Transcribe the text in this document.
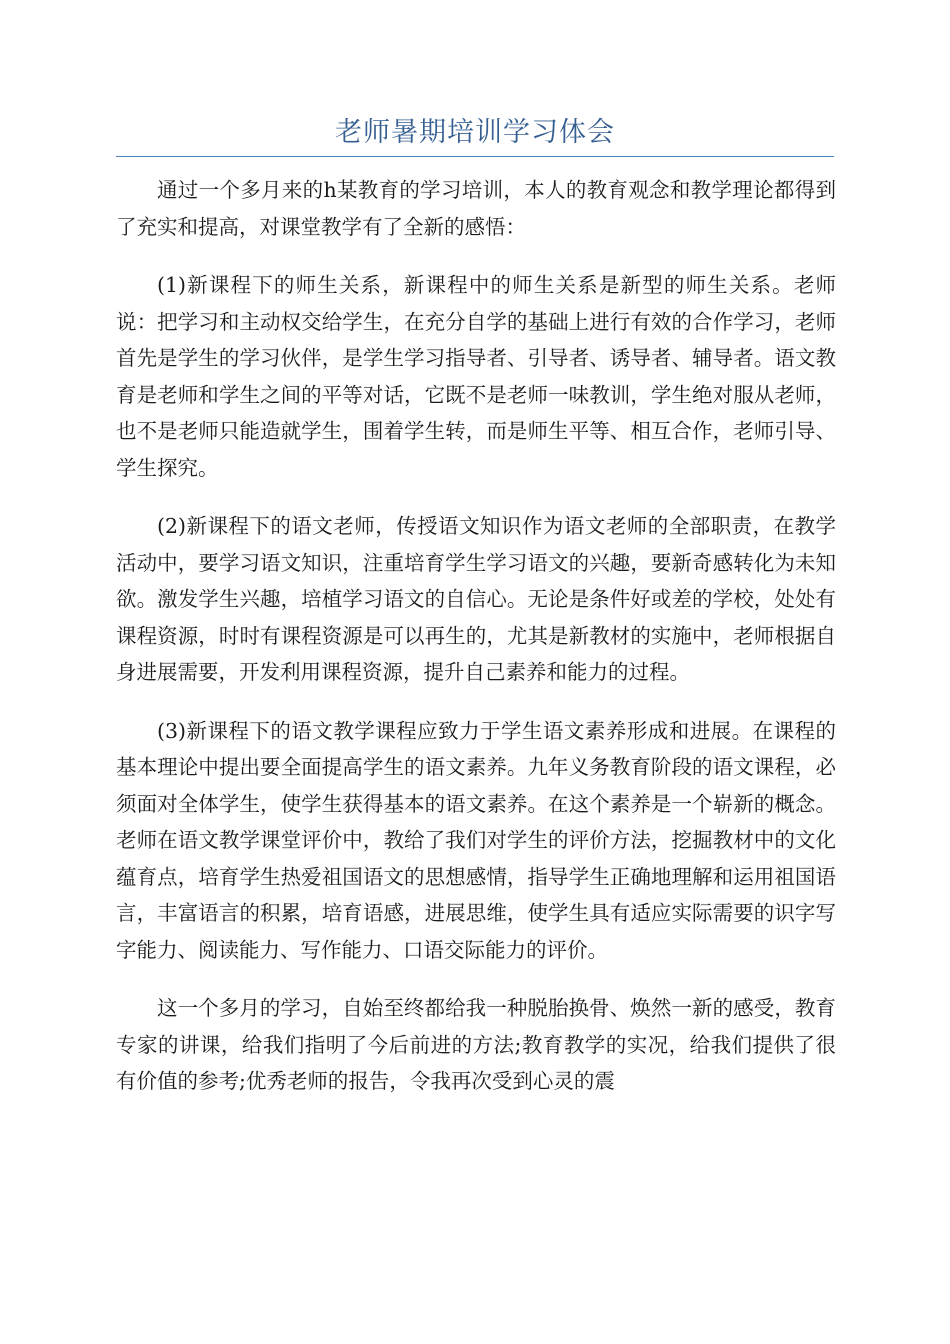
老师暑期培训学习体会

通过一个多月来的h某教育的学习培训，本人的教育观念和教学理论都得到了充实和提高，对课堂教学有了全新的感悟：

(1)新课程下的师生关系，新课程中的师生关系是新型的师生关系。老师说：把学习和主动权交给学生，在充分自学的基础上进行有效的合作学习，老师首先是学生的学习伙伴，是学生学习指导者、引导者、诱导者、辅导者。语文教育是老师和学生之间的平等对话，它既不是老师一味教训，学生绝对服从老师，也不是老师只能造就学生，围着学生转，而是师生平等、相互合作，老师引导、学生探究。

(2)新课程下的语文老师，传授语文知识作为语文老师的全部职责，在教学活动中，要学习语文知识，注重培育学生学习语文的兴趣，要新奇感转化为未知欲。激发学生兴趣，培植学习语文的自信心。无论是条件好或差的学校，处处有课程资源，时时有课程资源是可以再生的，尤其是新教材的实施中，老师根据自身进展需要，开发利用课程资源，提升自己素养和能力的过程。

(3)新课程下的语文教学课程应致力于学生语文素养形成和进展。在课程的基本理论中提出要全面提高学生的语文素养。九年义务教育阶段的语文课程，必须面对全体学生，使学生获得基本的语文素养。在这个素养是一个崭新的概念。老师在语文教学课堂评价中，教给了我们对学生的评价方法，挖掘教材中的文化蕴育点，培育学生热爱祖国语文的思想感情，指导学生正确地理解和运用祖国语言，丰富语言的积累，培育语感，进展思维，使学生具有适应实际需要的识字写字能力、阅读能力、写作能力、口语交际能力的评价。

这一个多月的学习，自始至终都给我一种脱胎换骨、焕然一新的感受，教育专家的讲课，给我们指明了今后前进的方法;教育教学的实况，给我们提供了很有价值的参考;优秀老师的报告，令我再次受到心灵的震
